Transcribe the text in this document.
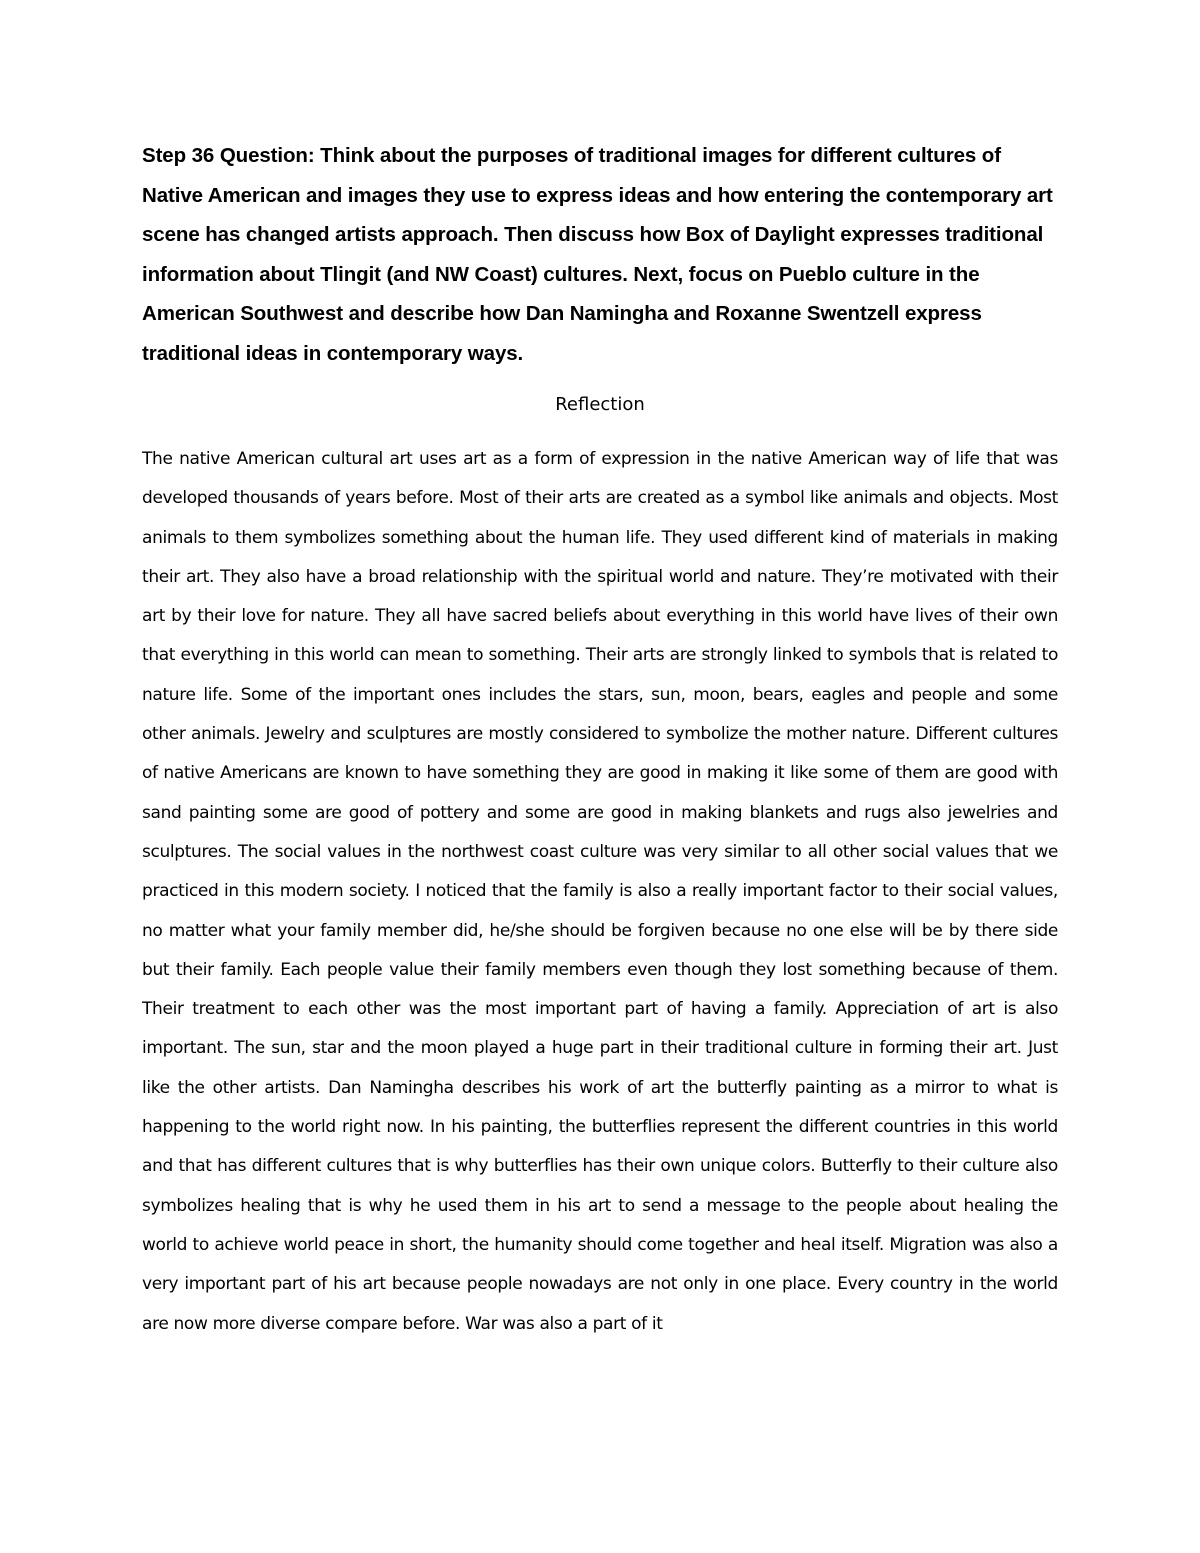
Step 36 Question: Think about the purposes of traditional images for different cultures of Native American and images they use to express ideas and how entering the contemporary art scene has changed artists approach. Then discuss how Box of Daylight expresses traditional information about Tlingit (and NW Coast) cultures. Next, focus on Pueblo culture in the American Southwest and describe how Dan Namingha and Roxanne Swentzell express traditional ideas in contemporary ways.

Reflection

The native American cultural art uses art as a form of expression in the native American way of life that was developed thousands of years before. Most of their arts are created as a symbol like animals and objects. Most animals to them symbolizes something about the human life. They used different kind of materials in making their art. They also have a broad relationship with the spiritual world and nature. They’re motivated with their art by their love for nature. They all have sacred beliefs about everything in this world have lives of their own that everything in this world can mean to something. Their arts are strongly linked to symbols that is related to nature life. Some of the important ones includes the stars, sun, moon, bears, eagles and people and some other animals. Jewelry and sculptures are mostly considered to symbolize the mother nature. Different cultures of native Americans are known to have something they are good in making it like some of them are good with sand painting some are good of pottery and some are good in making blankets and rugs also jewelries and sculptures. The social values in the northwest coast culture was very similar to all other social values that we practiced in this modern society. I noticed that the family is also a really important factor to their social values, no matter what your family member did, he/she should be forgiven because no one else will be by there side but their family. Each people value their family members even though they lost something because of them. Their treatment to each other was the most important part of having a family. Appreciation of art is also important. The sun, star and the moon played a huge part in their traditional culture in forming their art. Just like the other artists. Dan Namingha describes his work of art the butterfly painting as a mirror to what is happening to the world right now. In his painting, the butterflies represent the different countries in this world and that has different cultures that is why butterflies has their own unique colors. Butterfly to their culture also symbolizes healing that is why he used them in his art to send a message to the people about healing the world to achieve world peace in short, the humanity should come together and heal itself. Migration was also a very important part of his art because people nowadays are not only in one place. Every country in the world are now more diverse compare before. War was also a part of it
